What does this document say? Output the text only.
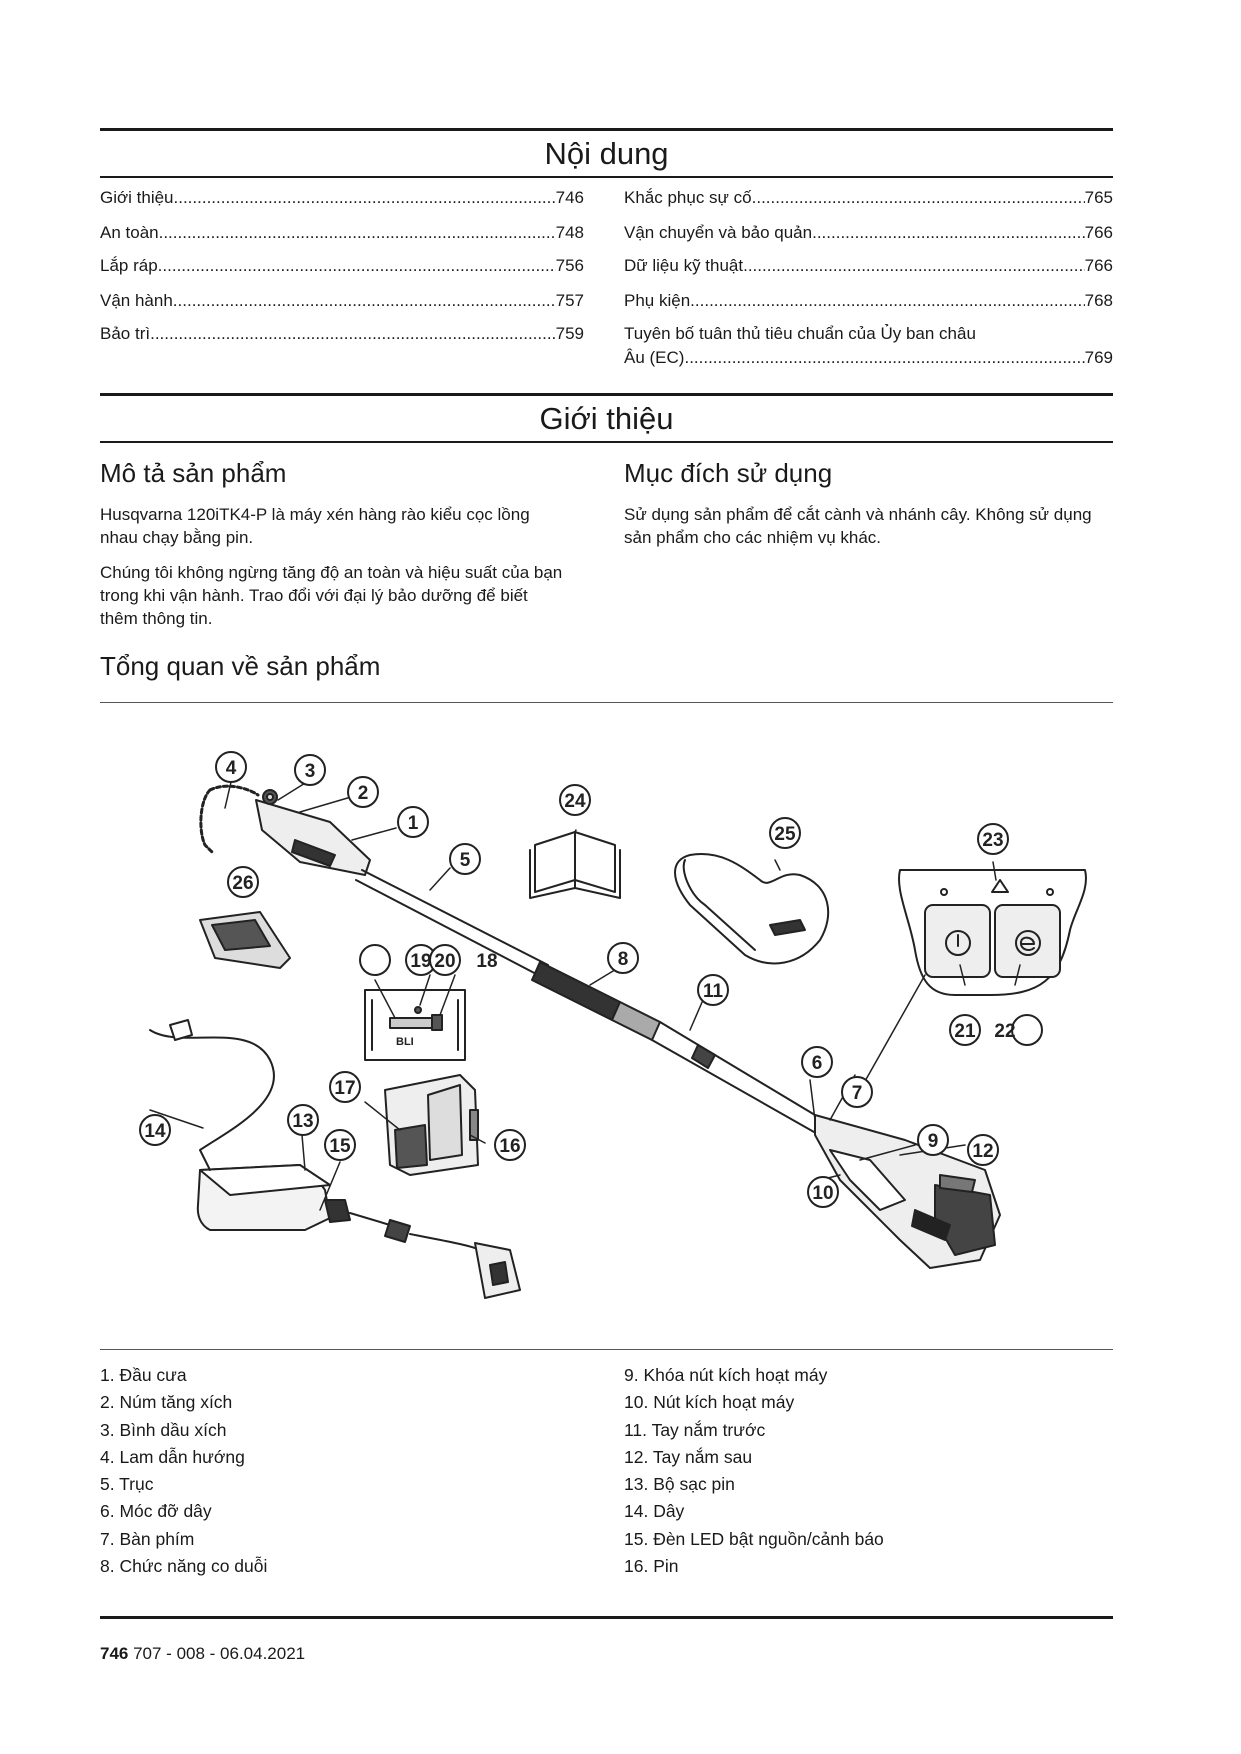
Nội dung
Giới thiệu .....	746
An toàn .....	748
Lắp ráp .....	756
Vận hành .....	757
Bảo trì .....	759
Khắc phục sự cố .....	765
Vận chuyển và bảo quản .....	766
Dữ liệu kỹ thuật .....	766
Phụ kiện .....	768
Tuyên bố tuân thủ tiêu chuẩn của Ủy ban châu
Âu (EC) .....	769
Giới thiệu
Mô tả sản phẩm
Husqvarna 120iTK4-P là máy xén hàng rào kiểu cọc lồng nhau chạy bằng pin.
Chúng tôi không ngừng tăng độ an toàn và hiệu suất của bạn trong khi vận hành. Trao đổi với đại lý bảo dưỡng để biết thêm thông tin.
Mục đích sử dụng
Sử dụng sản phẩm để cắt cành và nhánh cây. Không sử dụng sản phẩm cho các nhiệm vụ khác.
Tổng quan về sản phẩm
BLI
1
2
3
4
5
6
7
8
9
10
11
12
13
14
15	16
17
18
19 20
21 22
23
24
25
26
1. Đầu cưa
2. Núm tăng xích
3. Bình dầu xích
4. Lam dẫn hướng
5. Trục
6. Móc đỡ dây
7. Bàn phím
8. Chức năng co duỗi
9. Khóa nút kích hoạt máy
10. Nút kích hoạt máy
11. Tay nắm trước
12. Tay nắm sau
13. Bộ sạc pin
14. Dây
15. Đèn LED bật nguồn/cảnh báo
16. Pin
746 707 - 008 - 06.04.2021
